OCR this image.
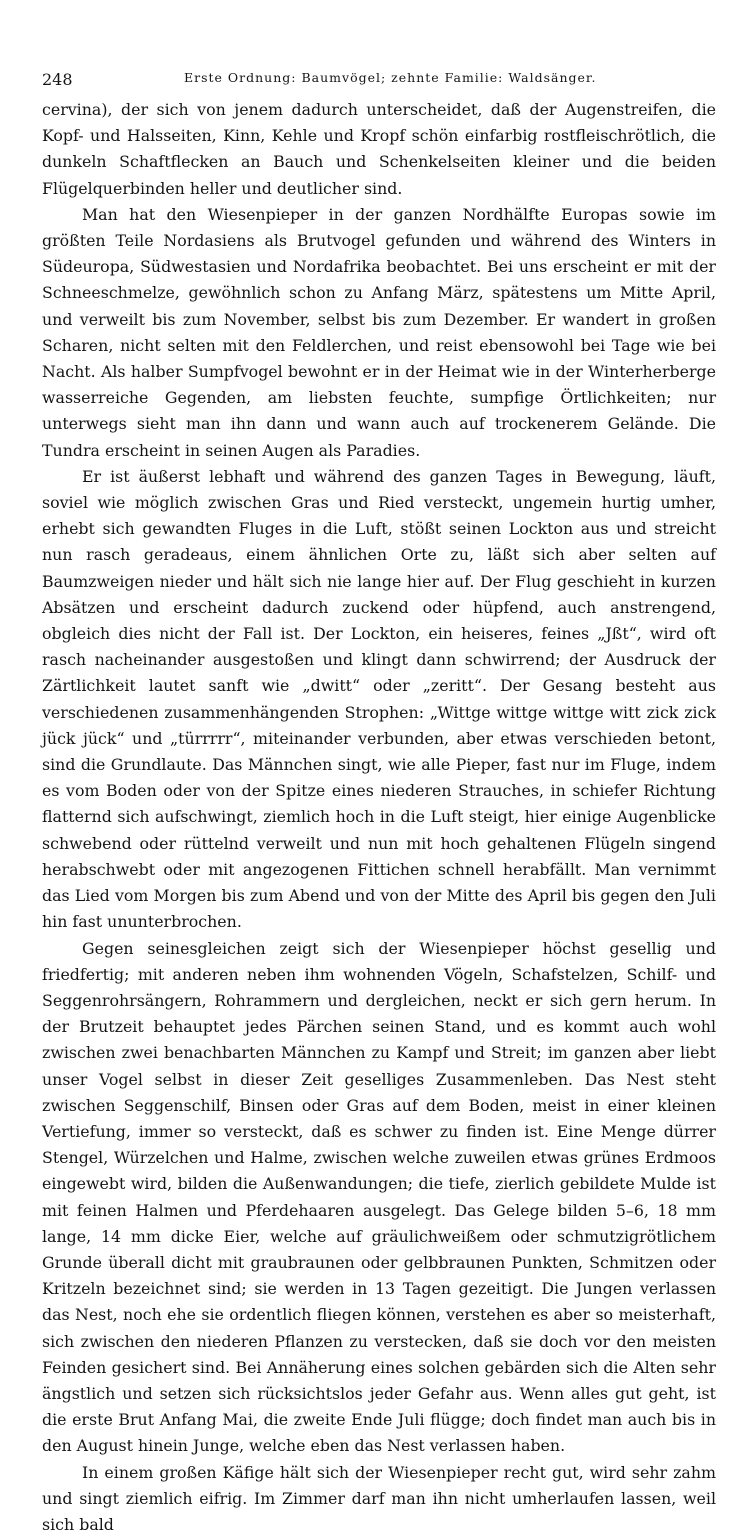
248	Erste Ordnung: Baumvögel; zehnte Familie: Waldsänger.

cervina), der sich von jenem dadurch unterscheidet, daß der Augenstreifen, die Kopf- und Halsseiten, Kinn, Kehle und Kropf schön einfarbig rostfleischrötlich, die dunkeln Schaftflecken an Bauch und Schenkelseiten kleiner und die beiden Flügelquerbinden heller und deutlicher sind.

Man hat den Wiesenpieper in der ganzen Nordhälfte Europas sowie im größten Teile Nordasiens als Brutvogel gefunden und während des Winters in Südeuropa, Südwestasien und Nordafrika beobachtet. Bei uns erscheint er mit der Schneeschmelze, gewöhnlich schon zu Anfang März, spätestens um Mitte April, und verweilt bis zum November, selbst bis zum Dezember. Er wandert in großen Scharen, nicht selten mit den Feldlerchen, und reist ebensowohl bei Tage wie bei Nacht. Als halber Sumpfvogel bewohnt er in der Heimat wie in der Winterherberge wasserreiche Gegenden, am liebsten feuchte, sumpfige Örtlichkeiten; nur unterwegs sieht man ihn dann und wann auch auf trockenerem Gelände. Die Tundra erscheint in seinen Augen als Paradies.

Er ist äußerst lebhaft und während des ganzen Tages in Bewegung, läuft, soviel wie möglich zwischen Gras und Ried versteckt, ungemein hurtig umher, erhebt sich gewandten Fluges in die Luft, stößt seinen Lockton aus und streicht nun rasch geradeaus, einem ähnlichen Orte zu, läßt sich aber selten auf Baumzweigen nieder und hält sich nie lange hier auf. Der Flug geschieht in kurzen Absätzen und erscheint dadurch zuckend oder hüpfend, auch anstrengend, obgleich dies nicht der Fall ist. Der Lockton, ein heiseres, feines „Jßt“, wird oft rasch nacheinander ausgestoßen und klingt dann schwirrend; der Ausdruck der Zärtlichkeit lautet sanft wie „dwitt“ oder „zeritt“. Der Gesang besteht aus verschiedenen zusammenhängenden Strophen: „Wittge wittge wittge witt zick zick jück jück“ und „türrrrr“, miteinander verbunden, aber etwas verschieden betont, sind die Grundlaute. Das Männchen singt, wie alle Pieper, fast nur im Fluge, indem es vom Boden oder von der Spitze eines niederen Strauches, in schiefer Richtung flatternd sich aufschwingt, ziemlich hoch in die Luft steigt, hier einige Augenblicke schwebend oder rüttelnd verweilt und nun mit hoch gehaltenen Flügeln singend herabschwebt oder mit angezogenen Fittichen schnell herabfällt. Man vernimmt das Lied vom Morgen bis zum Abend und von der Mitte des April bis gegen den Juli hin fast ununterbrochen.

Gegen seinesgleichen zeigt sich der Wiesenpieper höchst gesellig und friedfertig; mit anderen neben ihm wohnenden Vögeln, Schafstelzen, Schilf- und Seggenrohrsängern, Rohrammern und dergleichen, neckt er sich gern herum. In der Brutzeit behauptet jedes Pärchen seinen Stand, und es kommt auch wohl zwischen zwei benachbarten Männchen zu Kampf und Streit; im ganzen aber liebt unser Vogel selbst in dieser Zeit geselliges Zusammenleben. Das Nest steht zwischen Seggenschilf, Binsen oder Gras auf dem Boden, meist in einer kleinen Vertiefung, immer so versteckt, daß es schwer zu finden ist. Eine Menge dürrer Stengel, Würzelchen und Halme, zwischen welche zuweilen etwas grünes Erdmoos eingewebt wird, bilden die Außenwandungen; die tiefe, zierlich gebildete Mulde ist mit feinen Halmen und Pferdehaaren ausgelegt. Das Gelege bilden 5–6, 18 mm lange, 14 mm dicke Eier, welche auf gräulichweißem oder schmutzigrötlichem Grunde überall dicht mit graubraunen oder gelbbraunen Punkten, Schmitzen oder Kritzeln bezeichnet sind; sie werden in 13 Tagen gezeitigt. Die Jungen verlassen das Nest, noch ehe sie ordentlich fliegen können, verstehen es aber so meisterhaft, sich zwischen den niederen Pflanzen zu verstecken, daß sie doch vor den meisten Feinden gesichert sind. Bei Annäherung eines solchen gebärden sich die Alten sehr ängstlich und setzen sich rücksichtslos jeder Gefahr aus. Wenn alles gut geht, ist die erste Brut Anfang Mai, die zweite Ende Juli flügge; doch findet man auch bis in den August hinein Junge, welche eben das Nest verlassen haben.

In einem großen Käfige hält sich der Wiesenpieper recht gut, wird sehr zahm und singt ziemlich eifrig. Im Zimmer darf man ihn nicht umherlaufen lassen, weil sich bald
